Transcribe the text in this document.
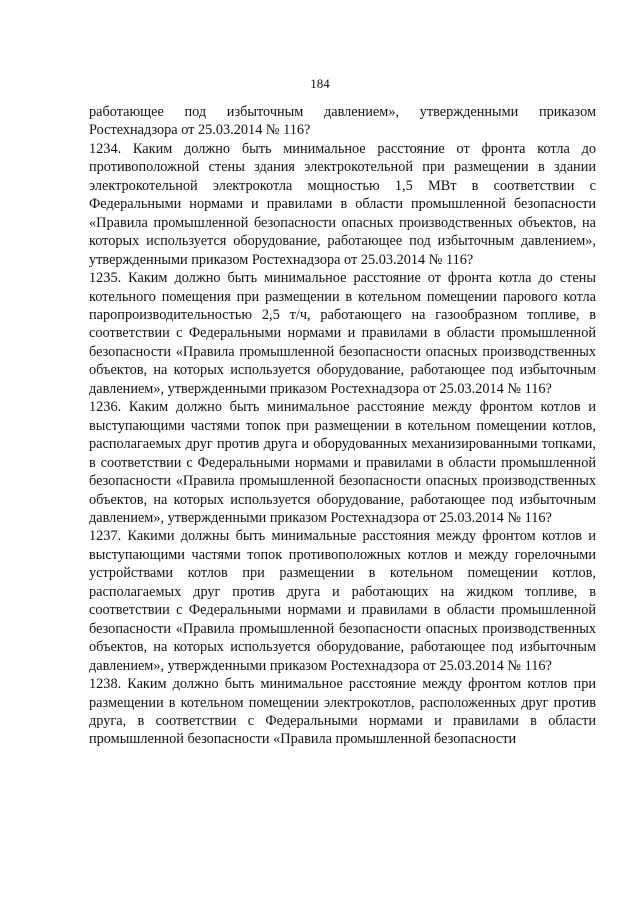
184

работающее под избыточным давлением», утвержденными приказом Ростехнадзора от 25.03.2014 № 116?

1234. Каким должно быть минимальное расстояние от фронта котла до противоположной стены здания электрокотельной при размещении в здании электрокотельной электрокотла мощностью 1,5 МВт в соответствии с Федеральными нормами и правилами в области промышленной безопасности «Правила промышленной безопасности опасных производственных объектов, на которых используется оборудование, работающее под избыточным давлением», утвержденными приказом Ростехнадзора от 25.03.2014 № 116?

1235. Каким должно быть минимальное расстояние от фронта котла до стены котельного помещения при размещении в котельном помещении парового котла паропроизводительностью 2,5 т/ч, работающего на газообразном топливе, в соответствии с Федеральными нормами и правилами в области промышленной безопасности «Правила промышленной безопасности опасных производственных объектов, на которых используется оборудование, работающее под избыточным давлением», утвержденными приказом Ростехнадзора от 25.03.2014 № 116?

1236. Каким должно быть минимальное расстояние между фронтом котлов и выступающими частями топок при размещении в котельном помещении котлов, располагаемых друг против друга и оборудованных механизированными топками, в соответствии с Федеральными нормами и правилами в области промышленной безопасности «Правила промышленной безопасности опасных производственных объектов, на которых используется оборудование, работающее под избыточным давлением», утвержденными приказом Ростехнадзора от 25.03.2014 № 116?

1237. Какими должны быть минимальные расстояния между фронтом котлов и выступающими частями топок противоположных котлов и между горелочными устройствами котлов при размещении в котельном помещении котлов, располагаемых друг против друга и работающих на жидком топливе, в соответствии с Федеральными нормами и правилами в области промышленной безопасности «Правила промышленной безопасности опасных производственных объектов, на которых используется оборудование, работающее под избыточным давлением», утвержденными приказом Ростехнадзора от 25.03.2014 № 116?

1238. Каким должно быть минимальное расстояние между фронтом котлов при размещении в котельном помещении электрокотлов, расположенных друг против друга, в соответствии с Федеральными нормами и правилами в области промышленной безопасности «Правила промышленной безопасности
